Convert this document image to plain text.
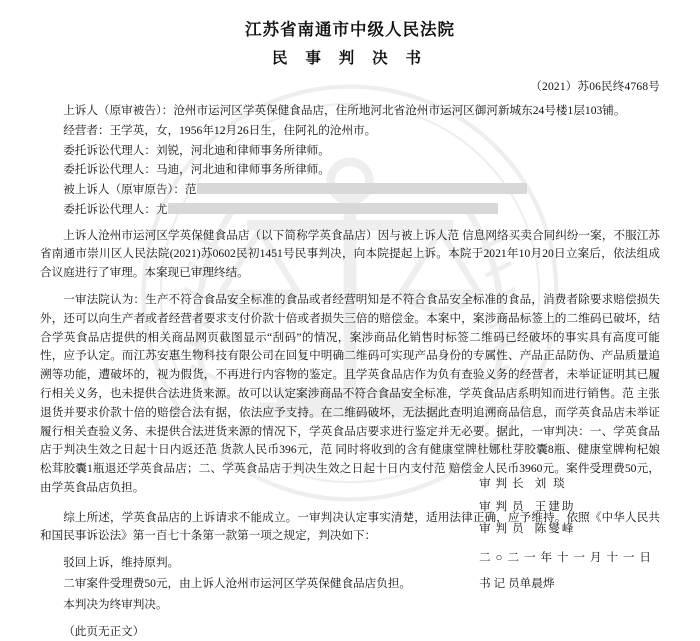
江苏省南通市中级人民法院
民 事 判 决 书
（2021）苏06民终4768号

上诉人（原审被告）：沧州市运河区学英保健食品店，住所地河北省沧州市运河区御河新城东24号楼1层103铺。

经营者：王学英，女，1956年12月26日生，住阿礼的沧州市。

委托诉讼代理人：刘锐，河北迪和律师事务所律师。

委托诉讼代理人：马迪，河北迪和律师事务所律师。

被上诉人（原审原告）：范

委托诉讼代理人：尤

上诉人沧州市运河区学英保健食品店（以下简称学英食品店）因与被上诉人范 信息网络买卖合同纠纷一案，不服江苏省南通市崇川区人民法院(2021)苏0602民初1451号民事判决，向本院提起上诉。本院于2021年10月20日立案后，依法组成合议庭进行了审理。本案现已审理终结。

一审法院认为：生产不符合食品安全标准的食品或者经营明知是不符合食品安全标准的食品，消费者除要求赔偿损失外，还可以向生产者或者经营者要求支付价款十倍或者损失三倍的赔偿金。本案中，案涉商品标签上的二维码已破坏，结合学英食品店提供的相关商品网页截图显示“刮码”的情况，案涉商品化销售时标签二维码已经破坏的事实具有高度可能性，应予认定。而江苏安惠生物科技有限公司在回复中明确二维码可实现产品身份的专属性、产品正品防伪、产品质量追溯等功能，遭破坏的，视为假货，不再进行内容物的鉴定。且学英食品店作为负有查验义务的经营者，未举证证明其已履行相关义务，也未提供合法进货来源。故可以认定案涉商品不符合食品安全标准，学英食品店系明知而进行销售。范 主张退货并要求价款十倍的赔偿合法有据，依法应予支持。在二维码破坏，无法据此查明追溯商品信息，而学英食品店未举证履行相关查验义务、未提供合法进货来源的情况下，学英食品店要求进行鉴定并无必要。据此，一审判决：一、学英食品店于判决生效之日起十日内返还范 货款人民币396元，范 同时将收到的含有健康堂牌杜娜杜芽胶囊8瓶、健康堂牌枸杞娘松茸胶囊1瓶退还学英食品店；二、学英食品店于判决生效之日起十日内支付范 赔偿金人民币3960元。案件受理费50元，由学英食品店负担。

综上所述，学英食品店的上诉请求不能成立。一审判决认定事实清楚，适用法律正确，应予维持。依照《中华人民共和国民事诉讼法》第一百七十条第一款第一项之规定，判决如下：

驳回上诉，维持原判。

二审案件受理费50元，由上诉人沧州市运河区学英保健食品店负担。

本判决为终审判决。

（此页无正文）

审 判 长 刘 琰
审 判 员 王建助
审 判 员 陈燮峰
二 ○ 二 一 年 十 一 月 十 一 日
书 记 员单晨烨
